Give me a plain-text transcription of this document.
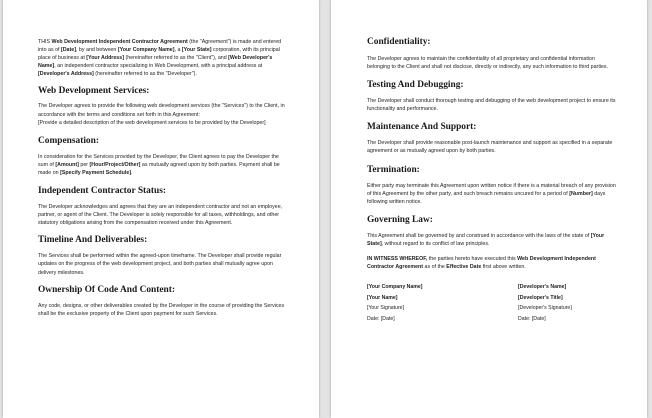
THIS Web Development Independent Contractor Agreement (the "Agreement") is made and entered into as of [Date], by and between [Your Company Name], a [Your State] corporation, with its principal place of business at [Your Address] (hereinafter referred to as the "Client"), and [Web Developer's Name], an independent contractor specializing in Web Development, with a principal address at [Developer's Address] (hereinafter referred to as the "Developer").

Web Development Services:

The Developer agrees to provide the following web development services (the "Services") to the Client, in accordance with the terms and conditions set forth in this Agreement:
[Provide a detailed description of the web development services to be provided by the Developer]

Compensation:

In consideration for the Services provided by the Developer, the Client agrees to pay the Developer the sum of [Amount] per [Hour/Project/Other] as mutually agreed upon by both parties. Payment shall be made on [Specify Payment Schedule].

Independent Contractor Status:

The Developer acknowledges and agrees that they are an independent contractor and not an employee, partner, or agent of the Client. The Developer is solely responsible for all taxes, withholdings, and other statutory obligations arising from the compensation received under this Agreement.

Timeline And Deliverables:

The Services shall be performed within the agreed-upon timeframe. The Developer shall provide regular updates on the progress of the web development project, and both parties shall mutually agree upon delivery milestones.

Ownership Of Code And Content:

Any code, designs, or other deliverables created by the Developer in the course of providing the Services shall be the exclusive property of the Client upon payment for such Services.

Confidentiality:

The Developer agrees to maintain the confidentiality of all proprietary and confidential information belonging to the Client and shall not disclose, directly or indirectly, any such information to third parties.

Testing And Debugging:

The Developer shall conduct thorough testing and debugging of the web development project to ensure its functionality and performance.

Maintenance And Support:

The Developer shall provide reasonable post-launch maintenance and support as specified in a separate agreement or as mutually agreed upon by both parties.

Termination:

Either party may terminate this Agreement upon written notice if there is a material breach of any provision of this Agreement by the other party, and such breach remains uncured for a period of [Number] days following written notice.

Governing Law:

This Agreement shall be governed by and construed in accordance with the laws of the state of [Your State], without regard to its conflict of law principles.

IN WITNESS WHEREOF, the parties hereto have executed this Web Development Independent Contractor Agreement as of the Effective Date first above written.

[Your Company Name]	[Developer's Name]
[Your Name]	[Developer's Title]
[Your Signature]	[Developer's Signature]
Date: [Date]	Date: [Date]
